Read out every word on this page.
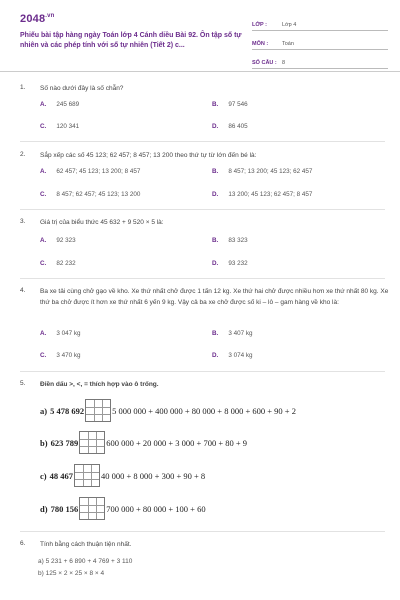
$2048^{.vn}$
Phiếu bài tập hàng ngày Toán lớp 4 Cánh diều Bài 92. Ôn tập số tự nhiên và các phép tính với số tự nhiên (Tiết 2) c...
LỚP :	Lớp 4
MÔN :	Toán
SỐ CÂU : 8
1. Số nào dưới đây là số chẵn?
A. 245 689	B. 97 546
C. 120 341	D. 86 405
2. Sắp xếp các số 45 123; 62 457; 8 457; 13 200 theo thứ tự từ lớn đến bé là:
A. 62 457; 45 123; 13 200; 8 457	B. 8 457; 13 200; 45 123; 62 457
C. 8 457; 62 457; 45 123; 13 200	D. 13 200; 45 123; 62 457; 8 457
3. Giá trị của biểu thức 45 632 + 9 520 × 5 là:
A. 92 323	B. 83 323
C. 82 232	D. 93 232
4. Ba xe tải cùng chở gạo về kho. Xe thứ nhất chở được 1 tấn 12 kg. Xe thứ hai chở được nhiều hơn xe thứ nhất 80 kg. Xe thứ ba chở được ít hơn xe thứ nhất 6 yến 9 kg. Vậy cả ba xe chở được số ki – lô – gam hàng về kho là:
A. 3 047 kg	B. 3 407 kg
C. 3 470 kg	D. 3 074 kg
5. Điền dấu >, <, = thích hợp vào ô trống.
a) 5 478 692	5 000 000 + 400 000 + 80 000 + 8 000 + 600 + 90 + 2
b) 623 789	600 000 + 20 000 + 3 000 + 700 + 80 + 9
c) 48 467	40 000 + 8 000 + 300 + 90 + 8
d) 780 156	700 000 + 80 000 + 100 + 60
6. Tính bằng cách thuận tiện nhất.
a) 5 231 + 6 890 + 4 769 + 3 110
b) 125 × 2 × 25 × 8 × 4
